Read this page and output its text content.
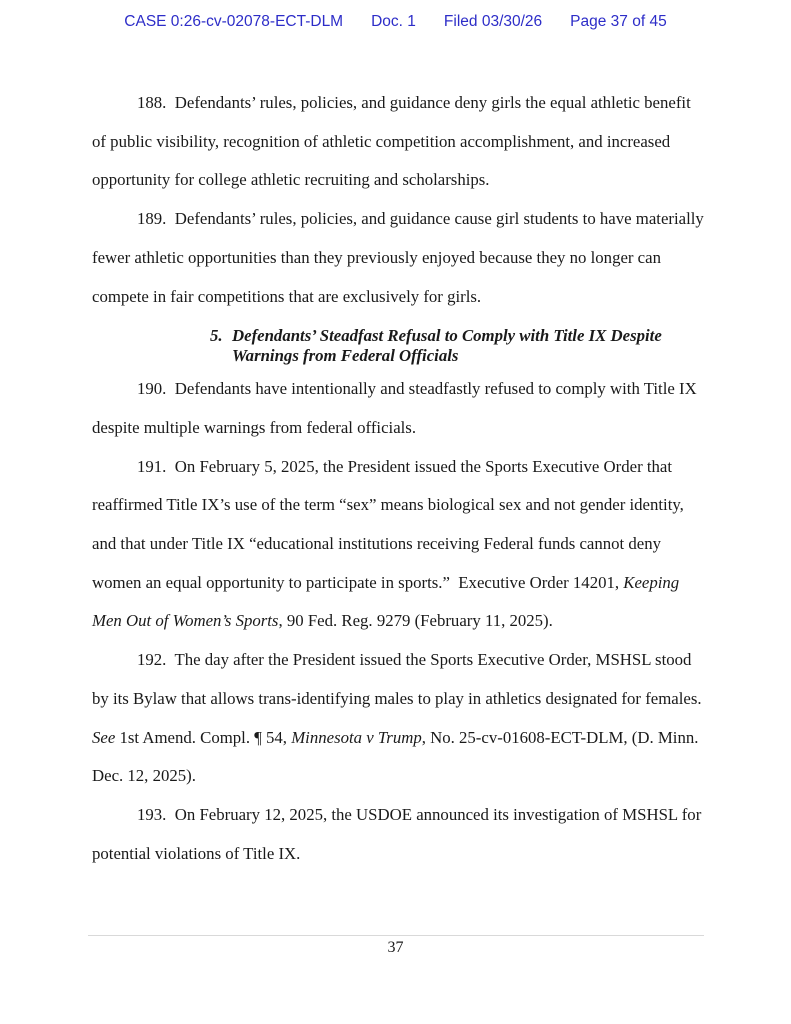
CASE 0:26-cv-02078-ECT-DLM Doc. 1 Filed 03/30/26 Page 37 of 45

188.  Defendants’ rules, policies, and guidance deny girls the equal athletic benefit of public visibility, recognition of athletic competition accomplishment, and increased opportunity for college athletic recruiting and scholarships.

189.  Defendants’ rules, policies, and guidance cause girl students to have materially fewer athletic opportunities than they previously enjoyed because they no longer can compete in fair competitions that are exclusively for girls.

5. Defendants’ Steadfast Refusal to Comply with Title IX Despite Warnings from Federal Officials

190.  Defendants have intentionally and steadfastly refused to comply with Title IX despite multiple warnings from federal officials.

191.  On February 5, 2025, the President issued the Sports Executive Order that reaffirmed Title IX’s use of the term “sex” means biological sex and not gender identity, and that under Title IX “educational institutions receiving Federal funds cannot deny women an equal opportunity to participate in sports.”  Executive Order 14201, Keeping Men Out of Women’s Sports, 90 Fed. Reg. 9279 (February 11, 2025).

192.  The day after the President issued the Sports Executive Order, MSHSL stood by its Bylaw that allows trans-identifying males to play in athletics designated for females.  See 1st Amend. Compl. ¶ 54, Minnesota v Trump, No. 25-cv-01608-ECT-DLM, (D. Minn. Dec. 12, 2025).

193.  On February 12, 2025, the USDOE announced its investigation of MSHSL for potential violations of Title IX.

37
